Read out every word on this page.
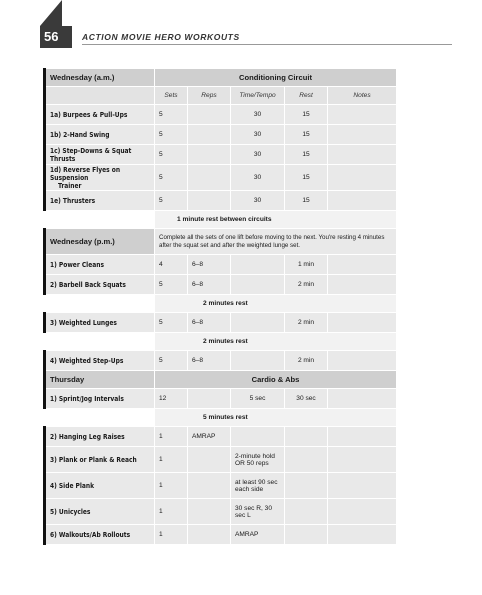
56	ACTION MOVIE HERO WORKOUTS
Wednesday (a.m.)	Conditioning Circuit				
	Sets	Reps	Time/Tempo	Rest	Notes
1a) Burpees & Pull-Ups	5		30	15	
1b) 2-Hand Swing	5		30	15	
1c) Step-Downs & Squat Thrusts	5		30	15	

1d) Reverse Flyes on Suspension
Trainer	5		30	15	
1e) Thrusters	5		30	15	
	1 minute rest between circuits				
Wednesday (p.m.)	Complete all the sets of one lift before moving to the next. You're resting 4 minutes after the squat set and after the weighted lunge set.				
1) Power Cleans	4	6–8		1 min	
2) Barbell Back Squats	5	6–8		2 min	
	2 minutes rest				
3) Weighted Lunges	5	6–8		2 min	
	2 minutes rest				
4) Weighted Step-Ups	5	6–8		2 min	
Thursday	Cardio & Abs				
1) Sprint/Jog Intervals	12		5 sec	30 sec	
	5 minutes rest				
2) Hanging Leg Raises	1	AMRAP			
3) Plank or Plank & Reach	1		2-minute hold
OR 50 reps		

4) Side Plank	1		at least 90 sec
each side		

5) Unicycles	1		30 sec R, 30
sec L		

6) Walkouts/Ab Rollouts	1		AMRAP		
